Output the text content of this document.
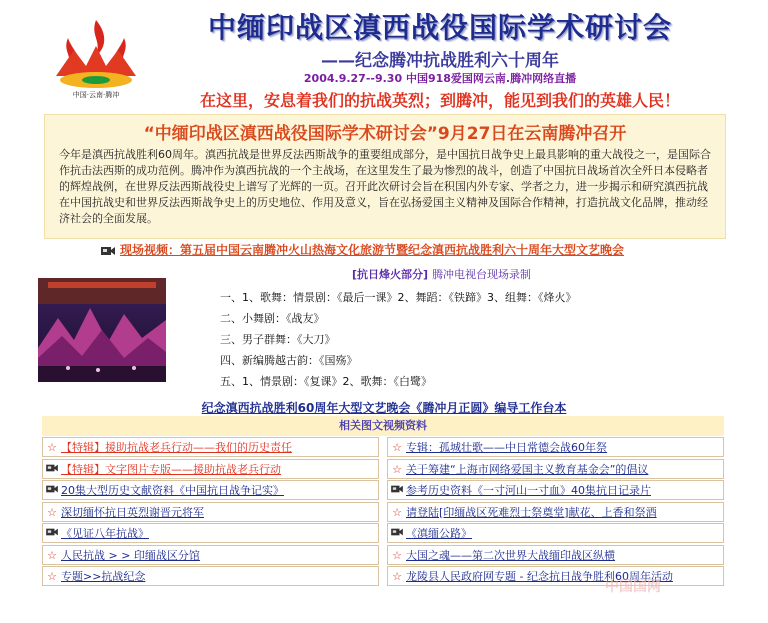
中国·云南·腾冲
中缅印战区滇西战役国际学术研讨会
——纪念腾冲抗战胜利六十周年
2004.9.27--9.30 中国918爱国网云南.腾冲网络直播
在这里，安息着我们的抗战英烈；到腾冲，能见到我们的英雄人民！
“中缅印战区滇西战役国际学术研讨会”9月27日在云南腾冲召开
今年是滇西抗战胜利60周年。滇西抗战是世界反法西斯战争的重要组成部分，是中国抗日战争史上最具影响的重大战役之一，是国际合作抗击法西斯的成功范例。腾冲作为滇西抗战的一个主战场，在这里发生了最为惨烈的战斗，创造了中国抗日战场首次全歼日本侵略者的辉煌战例，在世界反法西斯战役史上谱写了光辉的一页。召开此次研讨会旨在积国内外专家、学者之力，进一步揭示和研究滇西抗战在中国抗战史和世界反法西斯战争史上的历史地位、作用及意义，旨在弘扬爱国主义精神及国际合作精神，打造抗战文化品牌，推动经济社会的全面发展。
现场视频：第五届中国云南腾冲火山热海文化旅游节暨纪念滇西抗战胜利六十周年大型文艺晚会
[抗日烽火部分] 腾冲电视台现场录制
一、1、歌舞：情景剧：《最后一课》2、舞蹈：《铁蹄》3、组舞：《烽火》
二、小舞剧：《战友》
三、男子群舞：《大刀》
四、新编腾越古韵：《国殇》
五、1、情景剧：《复课》2、歌舞：《白鹭》
纪念滇西抗战胜利60周年大型文艺晚会《腾冲月正圆》编导工作台本
相关图文视频资料
☆ 【特辑】援助抗战老兵行动——我们的历史责任
【特辑】文字图片专版——援助抗战老兵行动
20集大型历史文献资料《中国抗日战争记实》
☆ 深切缅怀抗日英烈谢晋元将军
《见证八年抗战》
☆ 人民抗战 > > 印缅战区分馆
☆ 专题>>抗战纪念
☆ 专辑：孤城壮歌——中日常德会战60年祭
☆ 关于筹建“上海市网络爱国主义教育基金会”的倡议
参考历史资料《一寸河山一寸血》40集抗日记录片
☆ 请登陆[印缅战区死难烈士祭奠堂]献花、上香和祭酒
《滇缅公路》
☆ 大国之魂——第二次世界大战缅印战区纵横
☆ 龙陵县人民政府网专题 - 纪念抗日战争胜利60周年活动
中国国网
